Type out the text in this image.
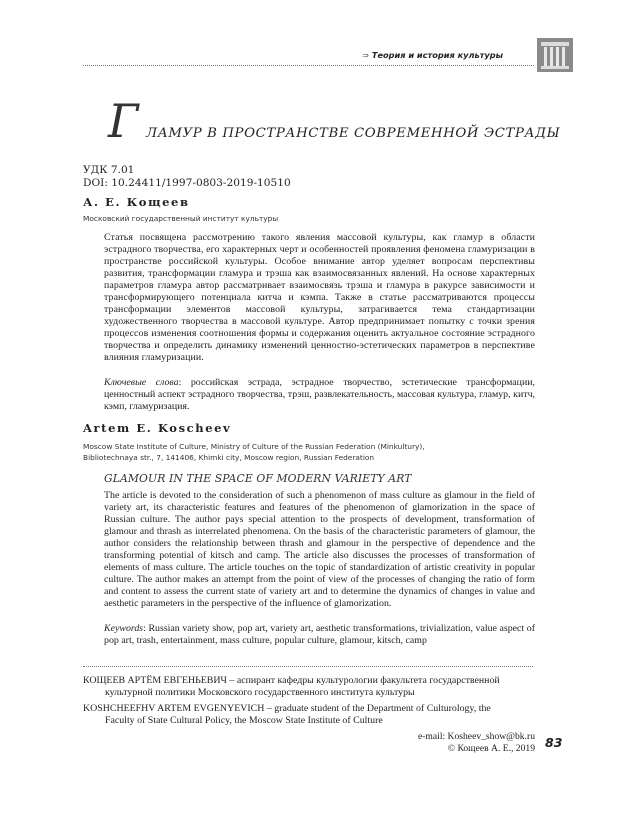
⇒ Теория и история культуры
Г ЛАМУР В ПРОСТРАНСТВЕ СОВРЕМЕННОЙ ЭСТРАДЫ
УДК 7.01
DOI: 10.24411/1997-0803-2019-10510
А. Е. Кощеев
Московский государственный институт культуры

Статья посвящена рассмотрению такого явления массовой культуры, как гламур в области эстрадного творчества, его характерных черт и особенностей проявления феномена гламуризации в пространстве российской культуры. Особое внимание автор уделяет вопросам перспективы развития, трансформации гламура и трэша как взаимосвязанных явлений. На основе характерных параметров гламура автор рассматривает взаимосвязь трэша и гламура в ракурсе зависимости и трансформирующего потенциала китча и кэмпа. Также в статье рассматриваются процессы трансформации элементов массовой культуры, затрагивается тема стандартизации художественного творчества в массовой культуре. Автор предпринимает попытку с точки зрения процессов изменения соотношения формы и содержания оценить актуальное состояние эстрадного творчества и определить динамику изменений ценностно-эстетических параметров в перспективе влияния гламуризации.

Ключевые слова: российская эстрада, эстрадное творчество, эстетические трансформации, ценностный аспект эстрадного творчества, трэш, развлекательность, массовая культура, гламур, китч, кэмп, гламуризация.

Artem E. Koscheev
Moscow State Institute of Culture, Ministry of Culture of the Russian Federation (Minkultury),
Bibliotechnaya str., 7, 141406, Khimki city, Moscow region, Russian Federation
GLAMOUR IN THE SPACE OF MODERN VARIETY ART

The article is devoted to the consideration of such a phenomenon of mass culture as glamour in the field of variety art, its characteristic features and features of the phenomenon of glamorization in the space of Russian culture. The author pays special attention to the prospects of development, transformation of glamour and thrash as interrelated phenomena. On the basis of the characteristic parameters of glamour, the author considers the relationship between thrash and glamour in the perspective of dependence and the transforming potential of kitsch and camp. The article also discusses the processes of transformation of elements of mass culture. The article touches on the topic of standardization of artistic creativity in popular culture. The author makes an attempt from the point of view of the processes of changing the ratio of form and content to assess the current state of variety art and to determine the dynamics of changes in value and aesthetic parameters in the perspective of the influence of glamorization.

Keywords: Russian variety show, pop art, variety art, aesthetic transformations, trivialization, value aspect of pop art, trash, entertainment, mass culture, popular culture, glamour, kitsch, camp

КОЩЕЕВ АРТЁМ ЕВГЕНЬЕВИЧ – аспирант кафедры культурологии факультета государственной
культурной политики Московского государственного института культуры
KOSHCHEEFHV ARTEM EVGENYEVICH – graduate student of the Department of Culturology, the
Faculty of State Cultural Policy, the Moscow State Institute of Culture
e-mail: Kosheev_show@bk.ru
© Кощеев А. Е., 2019 83
